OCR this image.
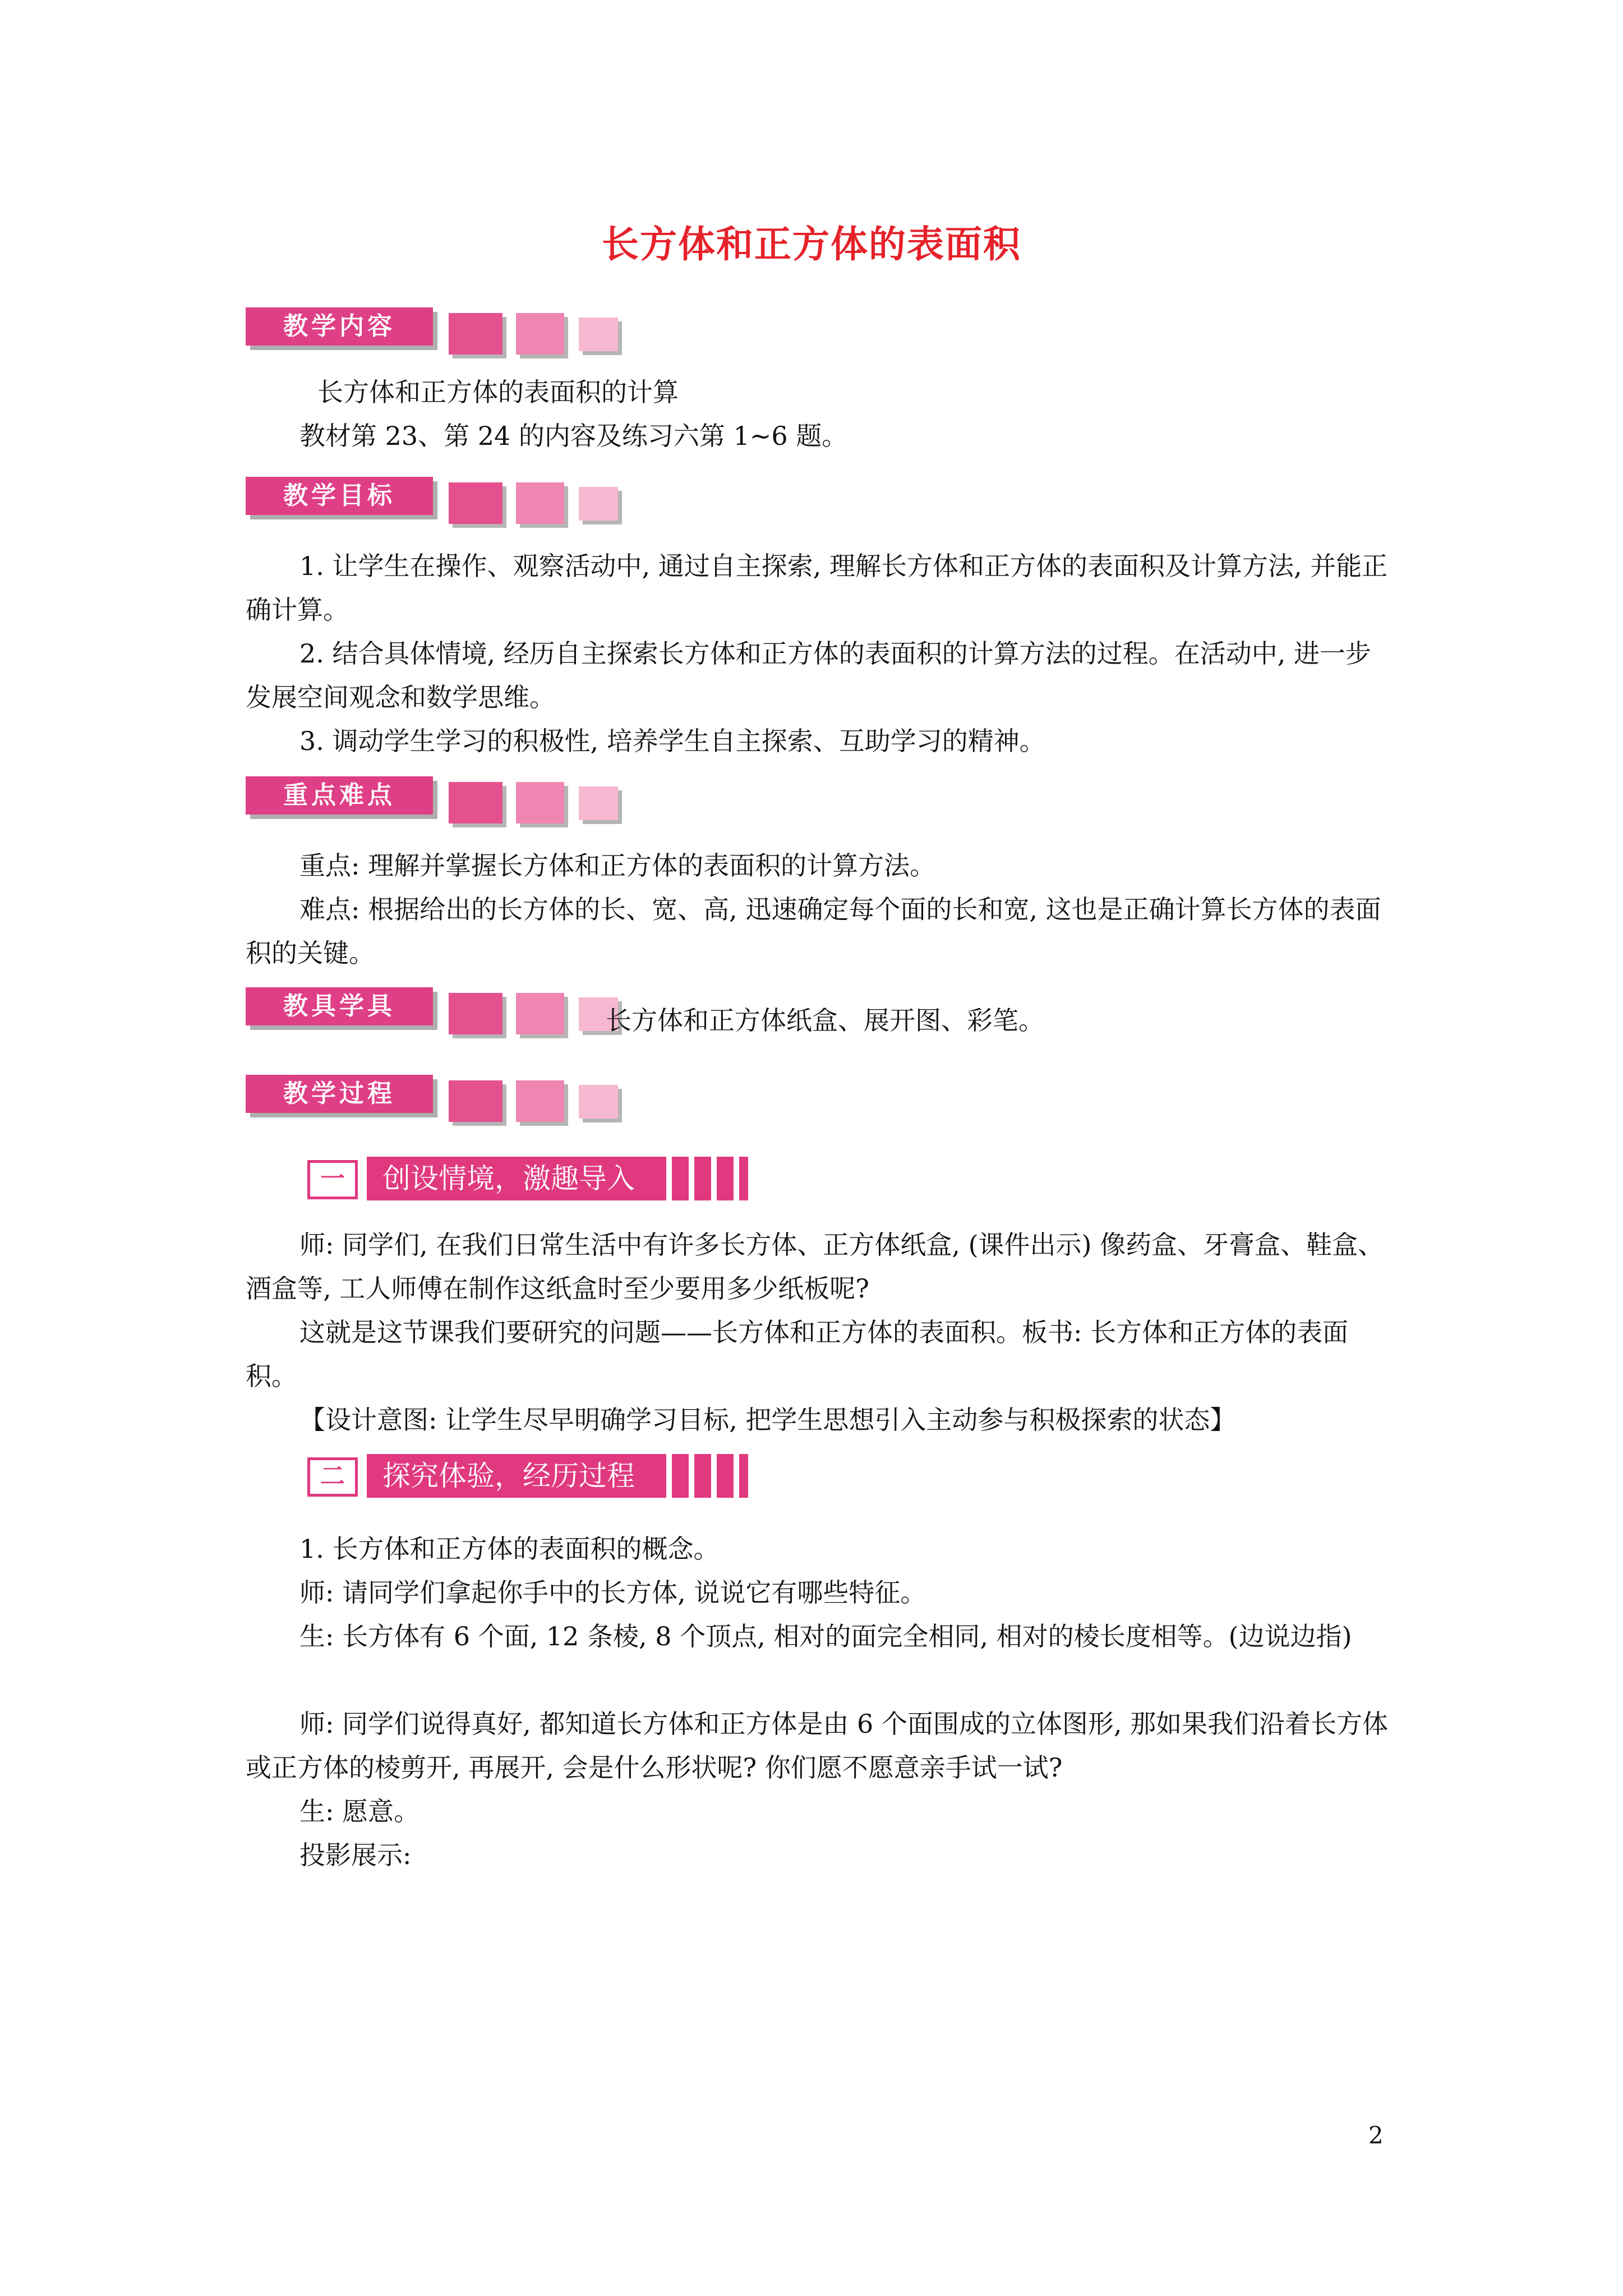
长方体和正方体的表面积
教学内容
长方体和正方体的表面积的计算
教材第 23、第 24 的内容及练习六第 1~6 题。
教学目标
1. 让学生在操作、观察活动中, 通过自主探索, 理解长方体和正方体的表面积及计算方法, 并能正确计算。
2. 结合具体情境, 经历自主探索长方体和正方体的表面积的计算方法的过程。在活动中, 进一步发展空间观念和数学思维。
3. 调动学生学习的积极性, 培养学生自主探索、互助学习的精神。
重点难点
重点: 理解并掌握长方体和正方体的表面积的计算方法。
难点: 根据给出的长方体的长、宽、高, 迅速确定每个面的长和宽, 这也是正确计算长方体的表面积的关键。
教具学具	长方体和正方体纸盒、展开图、彩笔。
教学过程
一	创设情境，激趣导入
师: 同学们, 在我们日常生活中有许多长方体、正方体纸盒, (课件出示) 像药盒、牙膏盒、鞋盒、酒盒等, 工人师傅在制作这纸盒时至少要用多少纸板呢?
这就是这节课我们要研究的问题——长方体和正方体的表面积。板书: 长方体和正方体的表面积。
【设计意图: 让学生尽早明确学习目标, 把学生思想引入主动参与积极探索的状态】
二	探究体验，经历过程
1. 长方体和正方体的表面积的概念。
师: 请同学们拿起你手中的长方体, 说说它有哪些特征。
生: 长方体有 6 个面, 12 条棱, 8 个顶点, 相对的面完全相同, 相对的棱长度相等。(边说边指)
师: 同学们说得真好, 都知道长方体和正方体是由 6 个面围成的立体图形, 那如果我们沿着长方体或正方体的棱剪开, 再展开, 会是什么形状呢? 你们愿不愿意亲手试一试?
生: 愿意。
投影展示:
2
